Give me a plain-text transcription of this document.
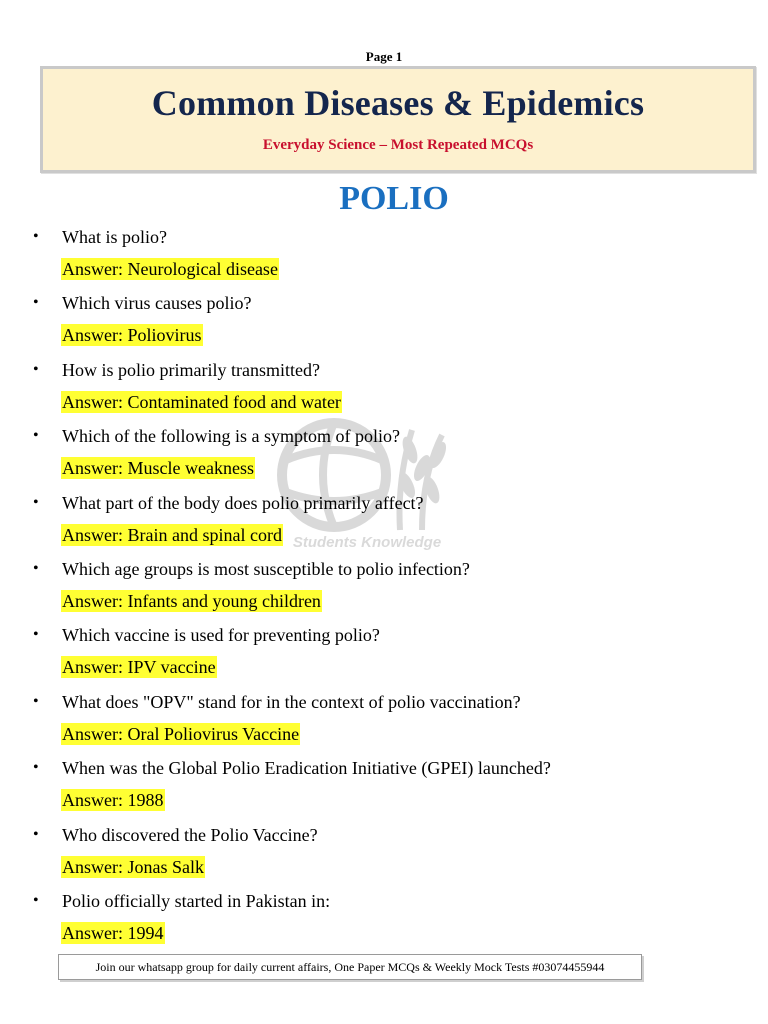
Page 1
Common Diseases & Epidemics
Everyday Science – Most Repeated MCQs
POLIO
Students Knowledge
• What is polio?
Answer: Neurological disease
• Which virus causes polio?
Answer: Poliovirus
• How is polio primarily transmitted?
Answer: Contaminated food and water
• Which of the following is a symptom of polio?
Answer: Muscle weakness
• What part of the body does polio primarily affect?
Answer: Brain and spinal cord
• Which age groups is most susceptible to polio infection?
Answer: Infants and young children
• Which vaccine is used for preventing polio?
Answer: IPV vaccine
• What does "OPV" stand for in the context of polio vaccination?
Answer: Oral Poliovirus Vaccine
• When was the Global Polio Eradication Initiative (GPEI) launched?
Answer: 1988
• Who discovered the Polio Vaccine?
Answer: Jonas Salk
• Polio officially started in Pakistan in:
Answer: 1994
Join our whatsapp group for daily current affairs, One Paper MCQs & Weekly Mock Tests #03074455944
